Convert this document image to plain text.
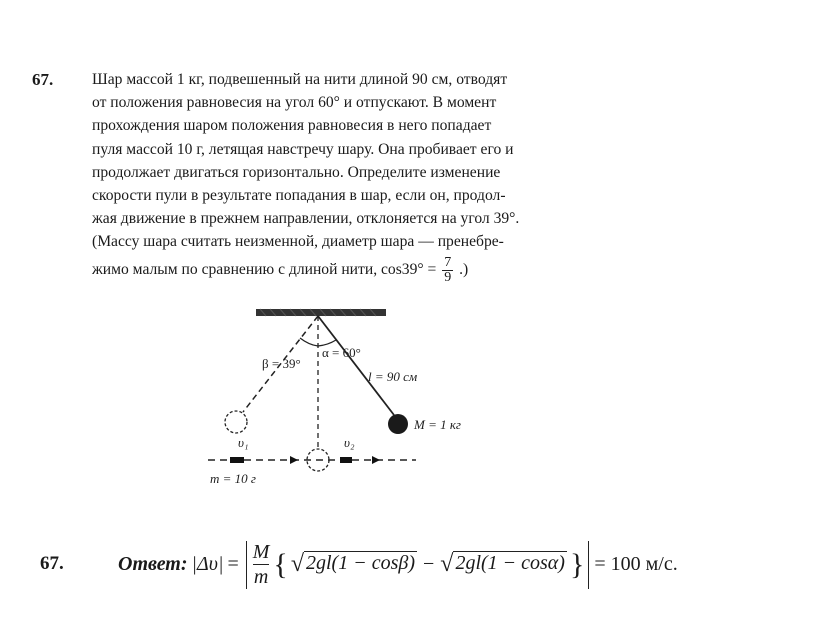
67. Шар массой 1 кг, подвешенный на нити длиной 90 см, отводят
от положения равновесия на угол 60° и отпускают. В момент
прохождения шаром положения равновесия в него попадает
пуля массой 10 г, летящая навстречу шару. Она пробивает его и
продолжает двигаться горизонтально. Определите изменение
скорости пули в результате попадания в шар, если он, продол-
жая движение в прежнем направлении, отклоняется на угол 39°.
(Массу шара считать неизменной, диаметр шара — пренебре-
жимо малым по сравнению с длиной нити, $\cos 39^\circ = \frac{7}{9}$ .)
β = 39°
α = 60°
l = 90 см
M = 1 кг
υ₁	υ₂
m = 10 г
67.	Ответ: $|\Delta\upsilon| = \frac{M}{m}$ { √ 2gl(1 − cosβ) − √ 2gl(1 − cosα) } = 100 м/с.
